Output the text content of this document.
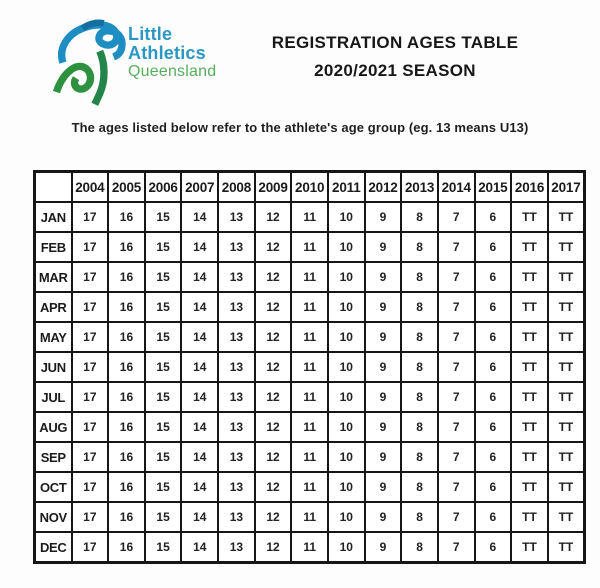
Little
Athletics
Queensland
REGISTRATION AGES TABLE
2020/2021 SEASON
The ages listed below refer to the athlete's age group (eg. 13 means U13)
	2004	2005	2006	2007	2008	2009	2010	2011	2012	2013	2014	2015	2016	2017
JAN	17	16	15	14	13	12	11	10	9	8	7	6	TT	TT
FEB	17	16	15	14	13	12	11	10	9	8	7	6	TT	TT
MAR	17	16	15	14	13	12	11	10	9	8	7	6	TT	TT
APR	17	16	15	14	13	12	11	10	9	8	7	6	TT	TT
MAY	17	16	15	14	13	12	11	10	9	8	7	6	TT	TT
JUN	17	16	15	14	13	12	11	10	9	8	7	6	TT	TT
JUL	17	16	15	14	13	12	11	10	9	8	7	6	TT	TT
AUG	17	16	15	14	13	12	11	10	9	8	7	6	TT	TT
SEP	17	16	15	14	13	12	11	10	9	8	7	6	TT	TT
OCT	17	16	15	14	13	12	11	10	9	8	7	6	TT	TT
NOV	17	16	15	14	13	12	11	10	9	8	7	6	TT	TT
DEC	17	16	15	14	13	12	11	10	9	8	7	6	TT	TT
